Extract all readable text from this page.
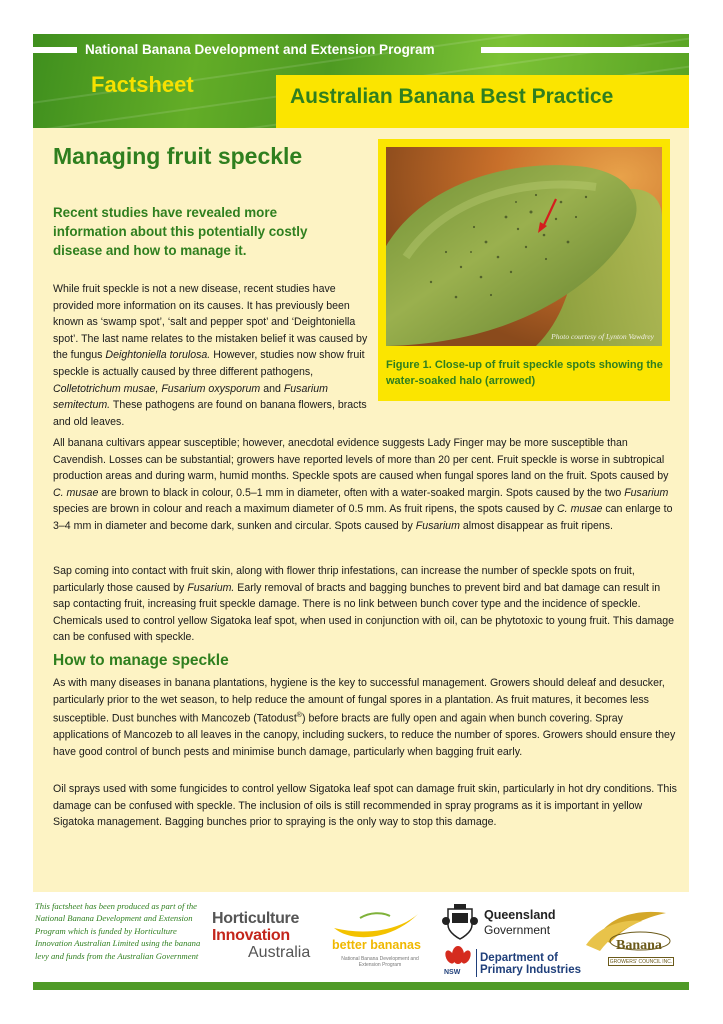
National Banana Development and Extension Program
Factsheet	Australian Banana Best Practice
Managing fruit speckle
Recent studies have revealed more information about this potentially costly disease and how to manage it.

While fruit speckle is not a new disease, recent studies have provided more information on its causes. It has previously been known as ‘swamp spot’, ‘salt and pepper spot’ and ‘Deightoniella spot’. The last name relates to the mistaken belief it was caused by the fungus Deightoniella torulosa. However, studies now show fruit speckle is actually caused by three different pathogens, Colletotrichum musae, Fusarium oxysporum and Fusarium semitectum. These pathogens are found on banana flowers, bracts and old leaves.

Photo courtesy of Lynton Vawdrey
Figure 1. Close-up of fruit speckle spots showing the water-soaked halo (arrowed)

All banana cultivars appear susceptible; however, anecdotal evidence suggests Lady Finger may be more susceptible than Cavendish. Losses can be substantial; growers have reported levels of more than 20 per cent. Fruit speckle is worse in subtropical production areas and during warm, humid months. Speckle spots are caused when fungal spores land on the fruit. Spots caused by C. musae are brown to black in colour, 0.5–1 mm in diameter, often with a water-soaked margin. Spots caused by the two Fusarium species are brown in colour and reach a maximum diameter of 0.5 mm. As fruit ripens, the spots caused by C. musae can enlarge to 3–4 mm in diameter and become dark, sunken and circular. Spots caused by Fusarium almost disappear as fruit ripens.

Sap coming into contact with fruit skin, along with flower thrip infestations, can increase the number of speckle spots on fruit, particularly those caused by Fusarium. Early removal of bracts and bagging bunches to prevent bird and bat damage can result in sap contacting fruit, increasing fruit speckle damage. There is no link between bunch cover type and the incidence of speckle. Chemicals used to control yellow Sigatoka leaf spot, when used in conjunction with oil, can be phytotoxic to young fruit. This damage can be confused with speckle.

How to manage speckle

As with many diseases in banana plantations, hygiene is the key to successful management. Growers should deleaf and desucker, particularly prior to the wet season, to help reduce the amount of fungal spores in a plantation. As fruit matures, it becomes less susceptible. Dust bunches with Mancozeb (Tatodust®) before bracts are fully open and again when bunch covering. Spray applications of Mancozeb to all leaves in the canopy, including suckers, to reduce the number of spores. Growers should ensure they have good control of bunch pests and minimise bunch damage, particularly when bagging fruit early.

Oil sprays used with some fungicides to control yellow Sigatoka leaf spot can damage fruit skin, particularly in hot dry conditions. This damage can be confused with speckle. The inclusion of oils is still recommended in spray programs as it is important in yellow Sigatoka management. Bagging bunches prior to spraying is the only way to stop this damage.

This factsheet has been produced as part of the National Banana Development and Extension Program which is funded by Horticulture Innovation Australian Limited using the banana levy and funds from the Australian Government
Horticulture
Innovation
Australia	better bananas
National Banana Development and Extension Program
Queensland
Government
NSW
Department of
Primary Industries
Banana
GROWERS' COUNCIL INC.
